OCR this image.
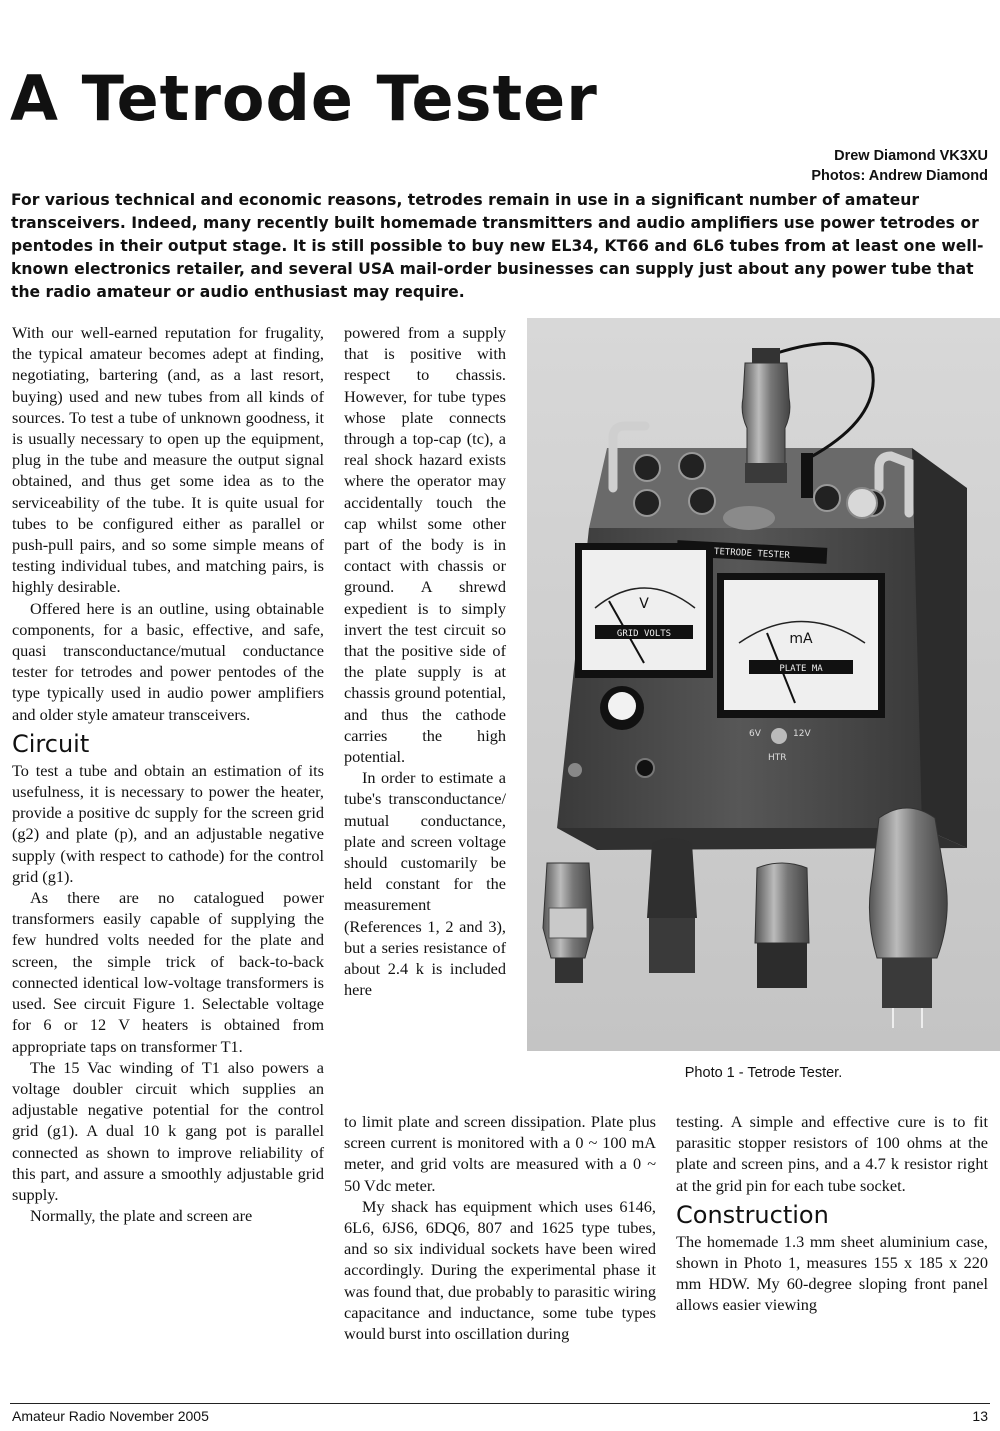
A Tetrode Tester
Drew Diamond VK3XU
Photos: Andrew Diamond

For various technical and economic reasons, tetrodes remain in use in a significant number of amateur transceivers. Indeed, many recently built homemade transmitters and audio amplifiers use power tetrodes or pentodes in their output stage. It is still possible to buy new EL34, KT66 and 6L6 tubes from at least one well-known electronics retailer, and several USA mail-order businesses can supply just about any power tube that the radio amateur or audio enthusiast may require.

With our well-earned reputation for frugality, the typical amateur becomes adept at finding, negotiating, bartering (and, as a last resort, buying) used and new tubes from all kinds of sources. To test a tube of unknown goodness, it is usually necessary to open up the equipment, plug in the tube and measure the output signal obtained, and thus get some idea as to the serviceability of the tube. It is quite usual for tubes to be configured either as parallel or push-pull pairs, and so some simple means of testing individual tubes, and matching pairs, is highly desirable.

Offered here is an outline, using obtainable components, for a basic, effective, and safe, quasi transconductance/mutual conductance tester for tetrodes and power pentodes of the type typically used in audio power amplifiers and older style amateur transceivers.

Circuit

To test a tube and obtain an estimation of its usefulness, it is necessary to power the heater, provide a positive dc supply for the screen grid (g2) and plate (p), and an adjustable negative supply (with respect to cathode) for the control grid (g1).

As there are no catalogued power transformers easily capable of supplying the few hundred volts needed for the plate and screen, the simple trick of back-to-back connected identical low-voltage transformers is used. See circuit Figure 1. Selectable voltage for 6 or 12 V heaters is obtained from appropriate taps on transformer T1.

The 15 Vac winding of T1 also powers a voltage doubler circuit which supplies an adjustable negative potential for the control grid (g1). A dual 10 k gang pot is parallel connected as shown to improve reliability of this part, and assure a smoothly adjustable grid supply.

Normally, the plate and screen are

powered from a supply that is positive with respect to chassis. However, for tube types whose plate connects through a top-cap (tc), a real shock hazard exists where the operator may accidentally touch the cap whilst some other part of the body is in contact with chassis or ground. A shrewd expedient is to simply invert the test circuit so that the positive side of the plate supply is at chassis ground potential, and thus the cathode carries the high potential.

In order to estimate a tube's transconductance/ mutual conductance, plate and screen voltage should customarily be held constant for the measurement (References 1, 2 and 3), but a series resistance of about 2.4 k is included here

to limit plate and screen dissipation. Plate plus screen current is monitored with a 0 ~ 100 mA meter, and grid volts are measured with a 0 ~ 50 Vdc meter.

My shack has equipment which uses 6146, 6L6, 6JS6, 6DQ6, 807 and 1625 type tubes, and so six individual sockets have been wired accordingly. During the experimental phase it was found that, due probably to parasitic wiring capacitance and inductance, some tube types would burst into oscillation during

testing. A simple and effective cure is to fit parasitic stopper resistors of 100 ohms at the plate and screen pins, and a 4.7 k resistor right at the grid pin for each tube socket.

Construction

The homemade 1.3 mm sheet aluminium case, shown in Photo 1, measures 155 x 185 x 220 mm HDW. My 60-degree sloping front panel allows easier viewing

TETRODE TESTER
V
GRID VOLTS	mA
PLATE MA
6V	12V
HTR
Photo 1 - Tetrode Tester.
Amateur Radio November 2005	13
